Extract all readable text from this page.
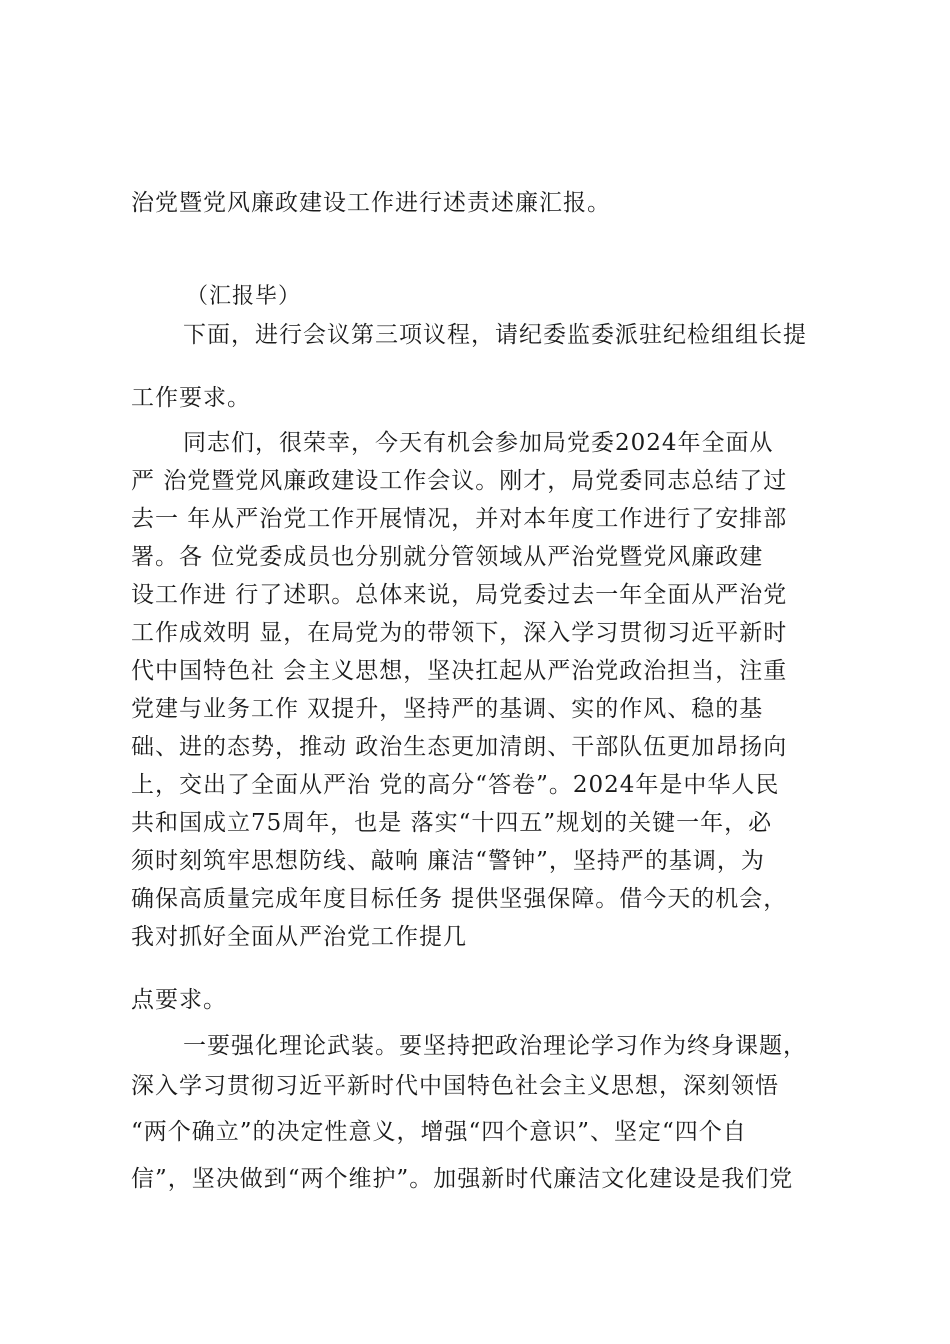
治党暨党风廉政建设工作进行述责述廉汇报。

（汇报毕）

下面，进行会议第三项议程，请纪委监委派驻纪检组组长提

工作要求。

同志们，很荣幸，今天有机会参加局党委2024年全面从

严 治党暨党风廉政建设工作会议。刚才，局党委同志总结了过

去一 年从严治党工作开展情况，并对本年度工作进行了安排部

署。各 位党委成员也分别就分管领域从严治党暨党风廉政建

设工作进 行了述职。总体来说，局党委过去一年全面从严治党

工作成效明 显，在局党为的带领下，深入学习贯彻习近平新时

代中国特色社 会主义思想，坚决扛起从严治党政治担当，注重

党建与业务工作 双提升，坚持严的基调、实的作风、稳的基

础、进的态势，推动 政治生态更加清朗、干部队伍更加昂扬向

上，交出了全面从严治 党的高分“答卷”。2024年是中华人民

共和国成立75周年，也是 落实“十四五”规划的关键一年，必

须时刻筑牢思想防线、敲响 廉洁“警钟”，坚持严的基调，为

确保高质量完成年度目标任务 提供坚强保障。借今天的机会，

我对抓好全面从严治党工作提几

点要求。

一要强化理论武装。要坚持把政治理论学习作为终身课题，

深入学习贯彻习近平新时代中国特色社会主义思想，深刻领悟

“两个确立”的决定性意义，增强“四个意识”、坚定“四个自

信”，坚决做到“两个维护”。加强新时代廉洁文化建设是我们党
